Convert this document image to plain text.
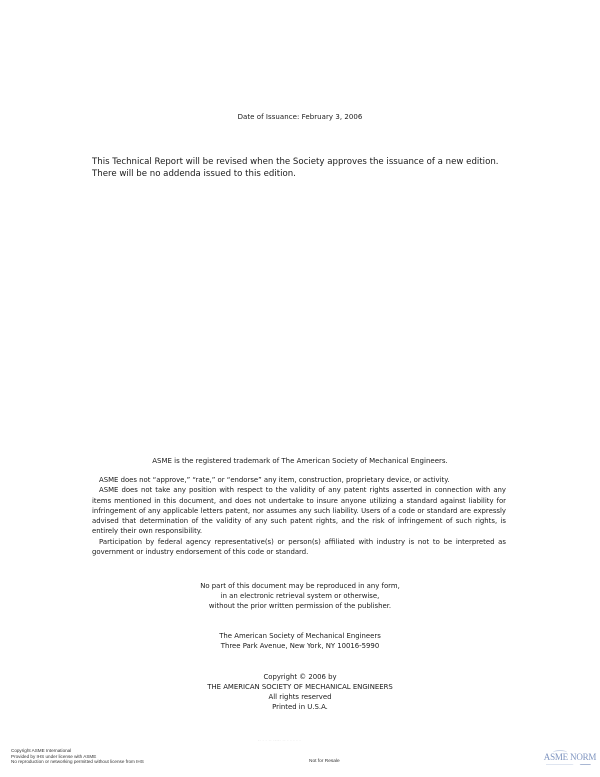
Date of Issuance: February 3, 2006
This Technical Report will be revised when the Society approves the issuance of a new edition. There will be no addenda issued to this edition.
ASME is the registered trademark of The American Society of Mechanical Engineers.

ASME does not “approve,” “rate,” or “endorse” any item, construction, proprietary device, or activity.

ASME does not take any position with respect to the validity of any patent rights asserted in connection with any items mentioned in this document, and does not undertake to insure anyone utilizing a standard against liability for infringement of any applicable letters patent, nor assumes any such liability. Users of a code or standard are expressly advised that determination of the validity of any such patent rights, and the risk of infringement of such rights, is entirely their own responsibility.

Participation by federal agency representative(s) or person(s) affiliated with industry is not to be interpreted as government or industry endorsement of this code or standard.

No part of this document may be reproduced in any form,
in an electronic retrieval system or otherwise,
without the prior written permission of the publisher.
The American Society of Mechanical Engineers
Three Park Avenue, New York, NY 10016-5990
Copyright © 2006 by
THE AMERICAN SOCIETY OF MECHANICAL ENGINEERS
All rights reserved
Printed in U.S.A.
-- - - -- ----- -- - - - - -
Copyright ASME International
Provided by IHS under license with ASME
No reproduction or networking permitted without license from IHS	Not for Resale	ASME NORM
